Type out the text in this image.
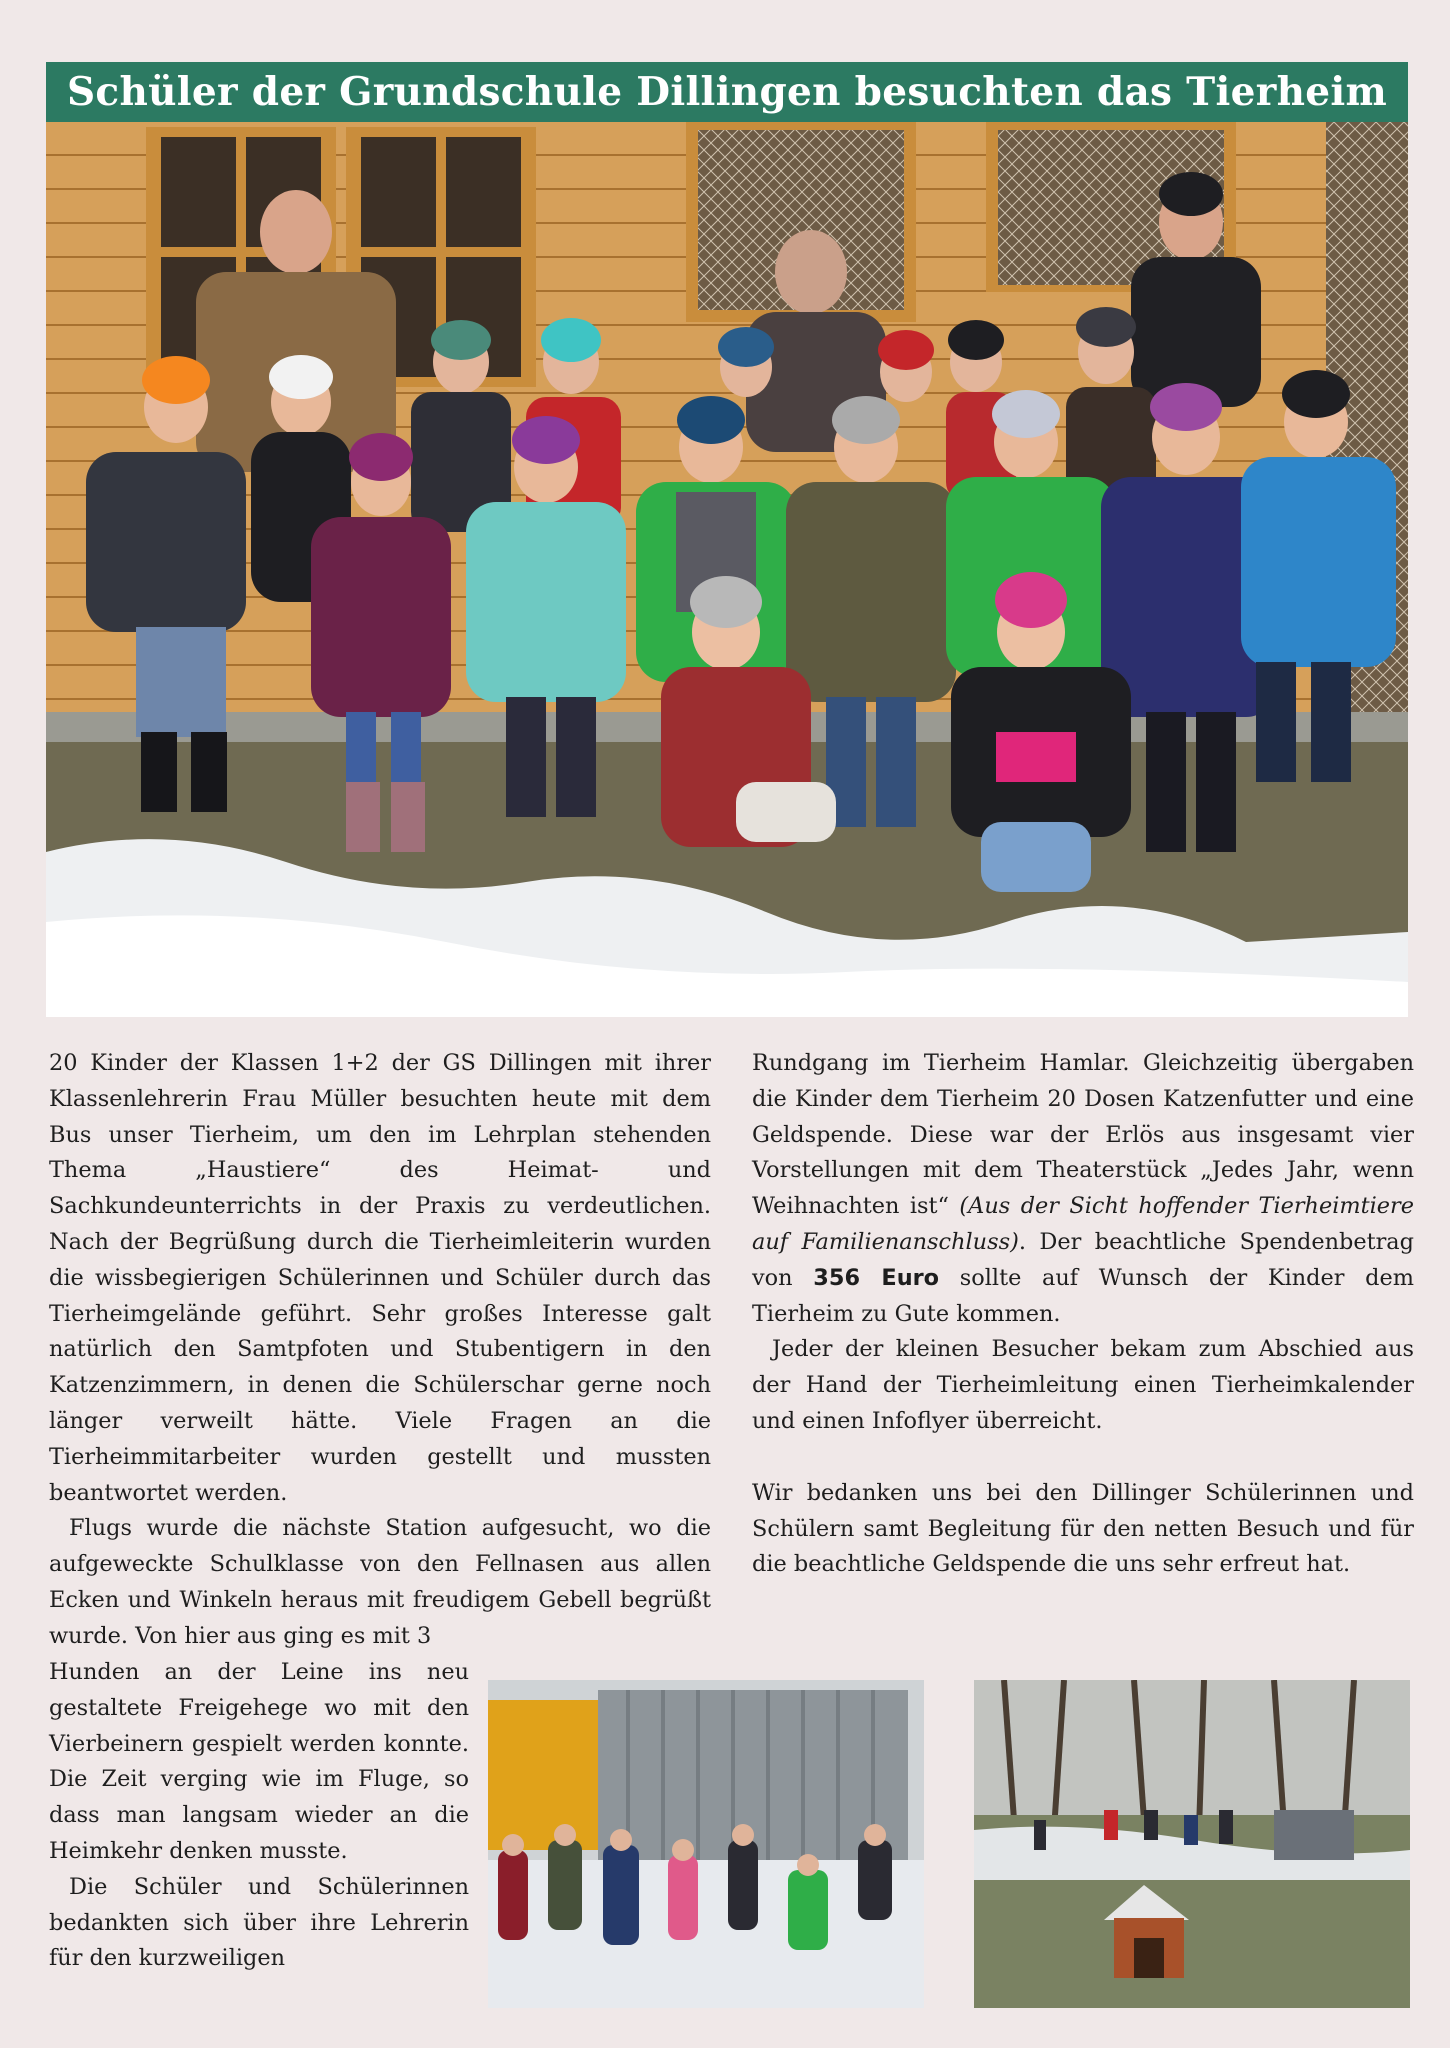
Schüler der Grundschule Dillingen besuchten das Tierheim

20 Kinder der Klassen 1+2 der GS Dillingen mit ihrer Klassenlehrerin Frau Müller besuchten heute mit dem Bus unser Tierheim, um den im Lehrplan stehenden Thema „Haustiere“ des Heimat- und Sachkundeunterrichts in der Praxis zu verdeutlichen. Nach der Begrüßung durch die Tierheimleiterin wurden die wissbegierigen Schülerinnen und Schüler durch das Tierheimgelände geführt. Sehr großes Interesse galt natürlich den Samtpfoten und Stubentigern in den Katzenzimmern, in denen die Schülerschar gerne noch länger verweilt hätte. Viele Fragen an die Tierheimmitarbeiter wurden gestellt und mussten beantwortet werden.

Flugs wurde die nächste Station aufgesucht, wo die aufgeweckte Schulklasse von den Fellnasen aus allen Ecken und Winkeln heraus mit freudigem Gebell begrüßt wurde. Von hier aus ging es mit 3

Hunden an der Leine ins neu gestaltete Freigehege wo mit den Vierbeinern gespielt werden konnte. Die Zeit verging wie im Fluge, so dass man langsam wieder an die Heimkehr denken musste.

Die Schüler und Schülerinnen bedankten sich über ihre Lehrerin für den kurzweiligen

Rundgang im Tierheim Hamlar. Gleichzeitig übergaben die Kinder dem Tierheim 20 Dosen Katzenfutter und eine Geldspende. Diese war der Erlös aus insgesamt vier Vorstellungen mit dem Theaterstück „Jedes Jahr, wenn Weihnachten ist“ (Aus der Sicht hoffender Tierheimtiere auf Familienanschluss). Der beachtliche Spendenbetrag von 356 Euro sollte auf Wunsch der Kinder dem Tierheim zu Gute kommen.

Jeder der kleinen Besucher bekam zum Abschied aus der Hand der Tierheimleitung einen Tierheimkalender und einen Infoflyer überreicht.

Wir bedanken uns bei den Dillinger Schülerinnen und Schülern samt Begleitung für den netten Besuch und für die beachtliche Geldspende die uns sehr erfreut hat.
